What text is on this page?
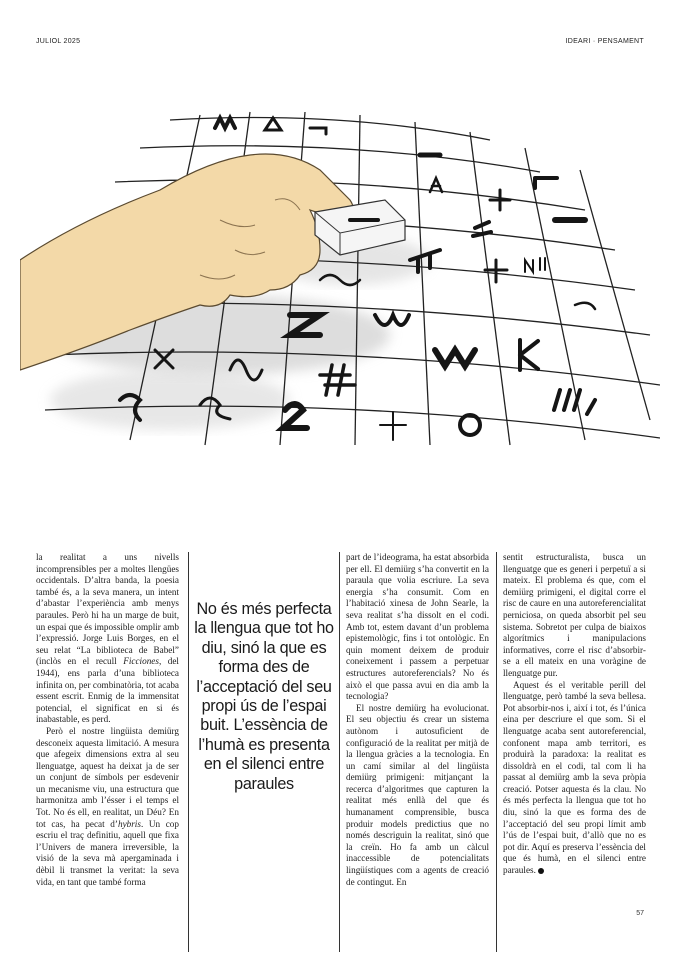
JULIOL 2025	IDEARI · PENSAMENT

la realitat a uns nivells incomprensibles per a moltes llengües occidentals. D’altra banda, la poesia també és, a la seva manera, un intent d’abastar l’experiència amb menys paraules. Però hi ha un marge de buit, un espai que és impossible omplir amb l’expressió. Jorge Luis Borges, en el seu relat “La biblioteca de Babel” (inclòs en el recull Ficciones, del 1944), ens parla d’una biblioteca infinita on, per combinatòria, tot acaba essent escrit. Enmig de la immensitat potencial, el significat en si és inabastable, es perd.

Però el nostre lingüista demiürg desconeix aquesta limitació. A mesura que afegeix dimensions extra al seu llenguatge, aquest ha deixat ja de ser un conjunt de símbols per esdevenir un mecanisme viu, una estructura que harmonitza amb l’ésser i el temps el Tot. No és ell, en realitat, un Déu? En tot cas, ha pecat d’hybris. Un cop escriu el traç definitiu, aquell que fixa l’Univers de manera irreversible, la visió de la seva mà apergaminada i dèbil li transmet la veritat: la seva vida, en tant que també forma

No és més perfecta la llengua que tot ho diu, sinó la que es forma des de l’acceptació del seu propi ús de l’espai buit. L’essència de l’humà es presenta en el silenci entre paraules

part de l’ideograma, ha estat absorbida per ell. El demiürg s’ha convertit en la paraula que volia escriure. La seva energia s’ha consumit. Com en l’habitació xinesa de John Searle, la seva realitat s’ha dissolt en el codi. Amb tot, estem davant d’un problema epistemològic, fins i tot ontològic. En quin moment deixem de produir coneixement i passem a perpetuar estructures autoreferencials? No és això el que passa avui en dia amb la tecnologia?

El nostre demiürg ha evolucionat. El seu objectiu és crear un sistema autònom i autosuficient de configuració de la realitat per mitjà de la llengua gràcies a la tecnologia. En un camí similar al del lingüista demiürg primigeni: mitjançant la recerca d’algoritmes que capturen la realitat més enllà del que és humanament comprensible, busca produir models predictius que no només descriguin la realitat, sinó que la creïn. Ho fa amb un càlcul inaccessible de potencialitats lingüístiques com a agents de creació de contingut. En

sentit estructuralista, busca un llenguatge que es generi i perpetuï a si mateix. El problema és que, com el demiürg primigeni, el digital corre el risc de caure en una autoreferencialitat perniciosa, on queda absorbit pel seu sistema. Sobretot per culpa de biaixos algorítmics i manipulacions informatives, corre el risc d’absorbir-se a ell mateix en una voràgine de llenguatge pur.

Aquest és el veritable perill del llenguatge, però també la seva bellesa. Pot absorbir-nos i, així i tot, és l’única eina per descriure el que som. Si el llenguatge acaba sent autoreferencial, confonent mapa amb territori, es produirà la paradoxa: la realitat es dissoldrà en el codi, tal com li ha passat al demiürg amb la seva pròpia creació. Potser aquesta és la clau. No és més perfecta la llengua que tot ho diu, sinó la que es forma des de l’acceptació del seu propi límit amb l’ús de l’espai buit, d’allò que no es pot dir. Aquí es preserva l’essència del que és humà, en el silenci entre paraules.

57
